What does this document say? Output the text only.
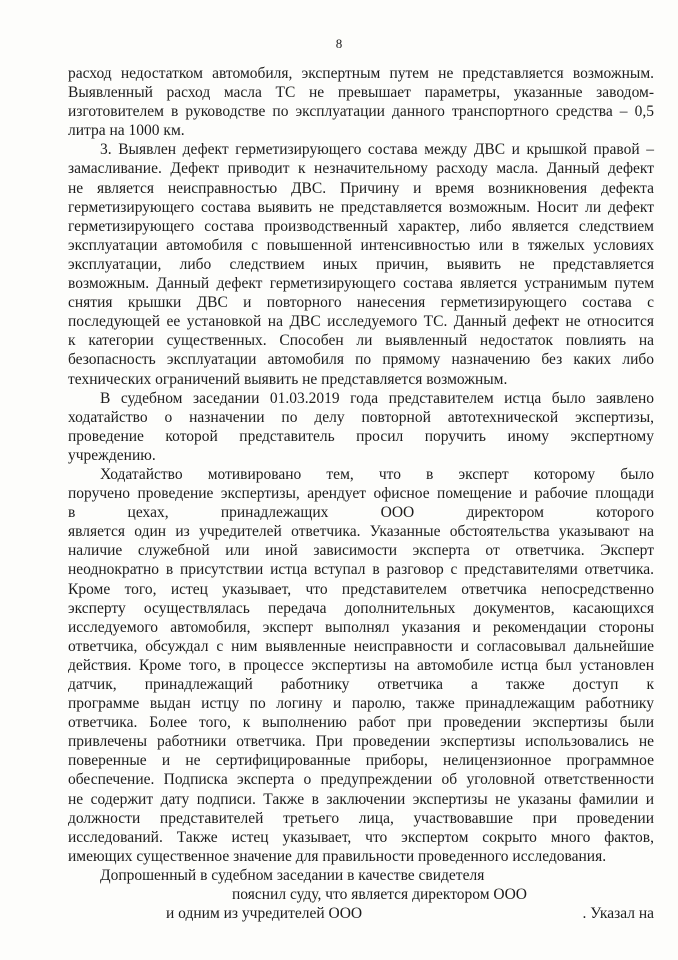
8
расход недостатком автомобиля, экспертным путем не представляется возможным.
Выявленный расход масла ТС не превышает параметры, указанные заводом-
изготовителем в руководстве по эксплуатации данного транспортного средства – 0,5
литра на 1000 км.
3. Выявлен дефект герметизирующего состава между ДВС и крышкой правой –
замасливание. Дефект приводит к незначительному расходу масла. Данный дефект
не является неисправностью ДВС. Причину и время возникновения дефекта
герметизирующего состава выявить не представляется возможным. Носит ли дефект
герметизирующего состава производственный характер, либо является следствием
эксплуатации автомобиля с повышенной интенсивностью или в тяжелых условиях
эксплуатации, либо следствием иных причин, выявить не представляется
возможным. Данный дефект герметизирующего состава является устранимым путем
снятия крышки ДВС и повторного нанесения герметизирующего состава с
последующей ее установкой на ДВС исследуемого ТС. Данный дефект не относится
к категории существенных. Способен ли выявленный недостаток повлиять на
безопасность эксплуатации автомобиля по прямому назначению без каких либо
технических ограничений выявить не представляется возможным.
В судебном заседании 01.03.2019 года представителем истца было заявлено
ходатайство о назначении по делу повторной автотехнической экспертизы,
проведение которой представитель просил поручить иному экспертному
учреждению.
Ходатайство мотивировано тем, что в эксперт которому было
поручено проведение экспертизы, арендует офисное помещение и рабочие площади
в цехах, принадлежащих ООО директором которого
является один из учредителей ответчика. Указанные обстоятельства указывают на
наличие служебной или иной зависимости эксперта от ответчика. Эксперт
неоднократно в присутствии истца вступал в разговор с представителями ответчика.
Кроме того, истец указывает, что представителем ответчика непосредственно
эксперту осуществлялась передача дополнительных документов, касающихся
исследуемого автомобиля, эксперт выполнял указания и рекомендации стороны
ответчика, обсуждал с ним выявленные неисправности и согласовывал дальнейшие
действия. Кроме того, в процессе экспертизы на автомобиле истца был установлен
датчик, принадлежащий работнику ответчика а также доступ к
программе выдан истцу по логину и паролю, также принадлежащим работнику
ответчика. Более того, к выполнению работ при проведении экспертизы были
привлечены работники ответчика. При проведении экспертизы использовались не
поверенные и не сертифицированные приборы, нелицензионное программное
обеспечение. Подписка эксперта о предупреждении об уголовной ответственности
не содержит дату подписи. Также в заключении экспертизы не указаны фамилии и
должности представителей третьего лица, участвовавшие при проведении
исследований. Также истец указывает, что экспертом сокрыто много фактов,
имеющих существенное значение для правильности проведенного исследования.
Допрошенный в судебном заседании в качестве свидетеля
пояснил суду, что является директором ООО
и одним из учредителей ООО	. Указал на
